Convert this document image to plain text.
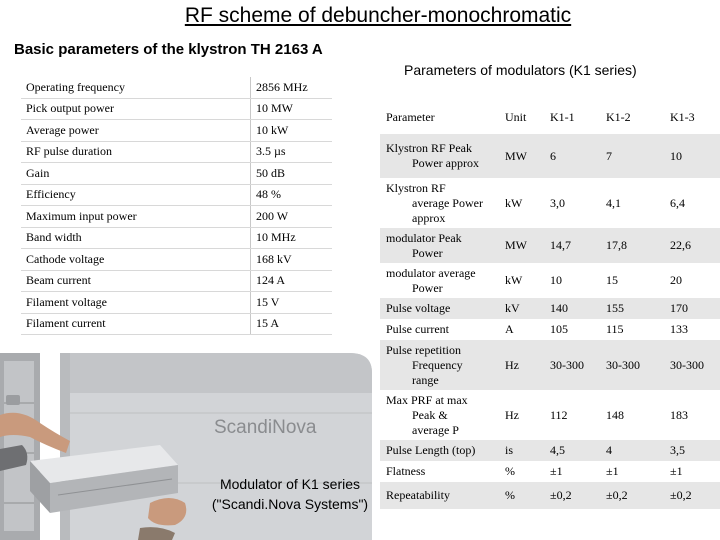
RF scheme of debuncher-monochromatic
Basic parameters of the klystron TH 2163 A
Parameters of modulators (K1 series)
Operating frequency	2856 MHz
Pick output power	10 MW
Average power	10 kW
RF pulse duration	3.5 µs
Gain	50 dB
Efficiency	48 %
Maximum input power	200 W
Band width	10 MHz
Cathode voltage	168 kV
Beam current	124 A
Filament voltage	15 V
Filament current	15 A
ScandiNova
Modulator of K1 series
("Scandi.Nova Systems")
Parameter	Unit	K1-1	K1-2	K1-3

Klystron RF Peak
Power approx	MW	6	7	10

Klystron RF
average Power
approx	kW	3,0	4,1	6,4

modulator Peak
Power	MW	14,7	17,8	22,6

modulator average
Power	kW	10	15	20

Pulse voltage	kV	140	155	170

Pulse current	A	105	115	133

Pulse repetition
Frequency
range	Hz	30-300	30-300	30-300

Max PRF at max
Peak &
average P	Hz	112	148	183

Pulse Length (top)	is	4,5	4	3,5

Flatness	%	±1	±1	±1

Repeatability	%	±0,2	±0,2	±0,2
